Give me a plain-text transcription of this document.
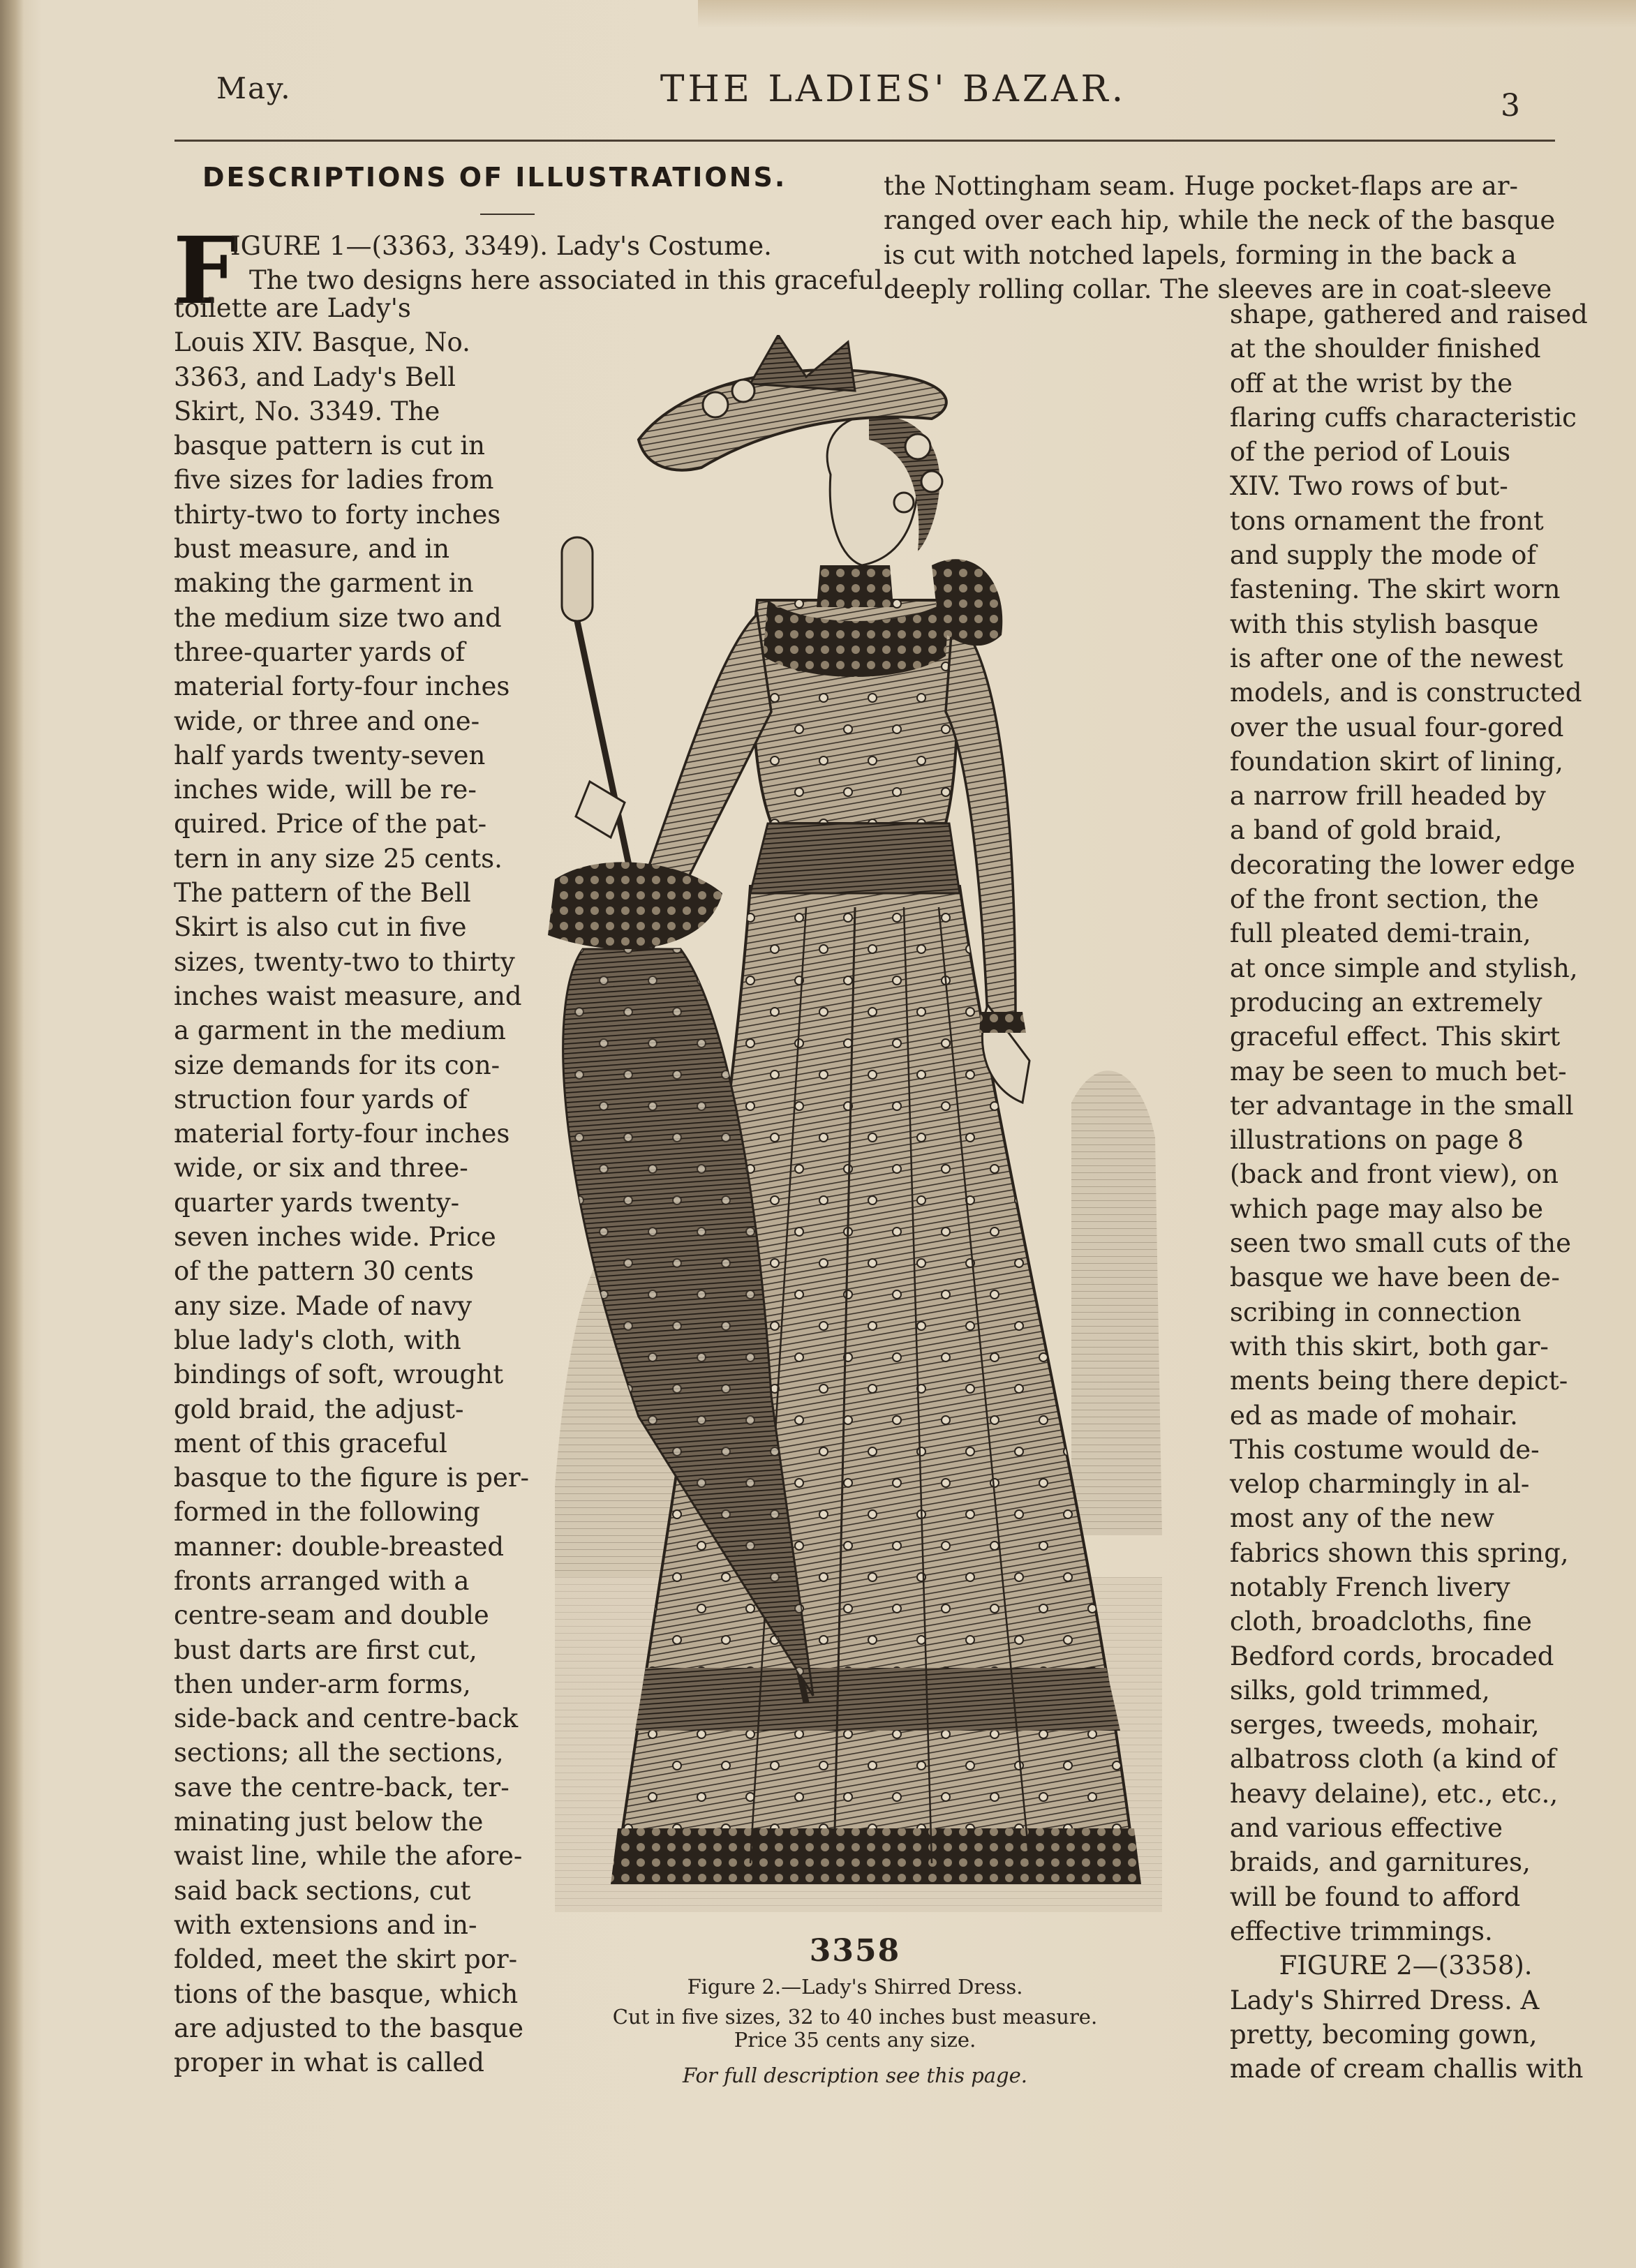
May.	THE LADIES' BAZAR.	3
DESCRIPTIONS OF ILLUSTRATIONS.
F
IGURE 1—(3363, 3349). Lady's Costume.
The two designs here associated in this graceful

toilette are Lady's

Louis XIV. Basque, No.

3363, and Lady's Bell

Skirt, No. 3349. The

basque pattern is cut in

five sizes for ladies from

thirty-two to forty inches

bust measure, and in

making the garment in

the medium size two and

three-quarter yards of

material forty-four inches

wide, or three and one-

half yards twenty-seven

inches wide, will be re-

quired. Price of the pat-

tern in any size 25 cents.

The pattern of the Bell

Skirt is also cut in five

sizes, twenty-two to thirty

inches waist measure, and

a garment in the medium

size demands for its con-

struction four yards of

material forty-four inches

wide, or six and three-

quarter yards twenty-

seven inches wide. Price

of the pattern 30 cents

any size. Made of navy

blue lady's cloth, with

bindings of soft, wrought

gold braid, the adjust-

ment of this graceful

basque to the figure is per-

formed in the following

manner: double-breasted

fronts arranged with a

centre-seam and double

bust darts are first cut,

then under-arm forms,

side-back and centre-back

sections; all the sections,

save the centre-back, ter-

minating just below the

waist line, while the afore-

said back sections, cut

with extensions and in-

folded, meet the skirt por-

tions of the basque, which

are adjusted to the basque

proper in what is called

the Nottingham seam. Huge pocket-flaps are ar-

ranged over each hip, while the neck of the basque

is cut with notched lapels, forming in the back a

deeply rolling collar. The sleeves are in coat-sleeve

shape, gathered and raised

at the shoulder finished

off at the wrist by the

flaring cuffs characteristic

of the period of Louis

XIV. Two rows of but-

tons ornament the front

and supply the mode of

fastening. The skirt worn

with this stylish basque

is after one of the newest

models, and is constructed

over the usual four-gored

foundation skirt of lining,

a narrow frill headed by

a band of gold braid,

decorating the lower edge

of the front section, the

full pleated demi-train,

at once simple and stylish,

producing an extremely

graceful effect. This skirt

may be seen to much bet-

ter advantage in the small

illustrations on page 8

(back and front view), on

which page may also be

seen two small cuts of the

basque we have been de-

scribing in connection

with this skirt, both gar-

ments being there depict-

ed as made of mohair.

This costume would de-

velop charmingly in al-

most any of the new

fabrics shown this spring,

notably French livery

cloth, broadcloths, fine

Bedford cords, brocaded

silks, gold trimmed,

serges, tweeds, mohair,

albatross cloth (a kind of

heavy delaine), etc., etc.,

and various effective

braids, and garnitures,

will be found to afford

effective trimmings.

FIGURE 2—(3358).

Lady's Shirred Dress. A

pretty, becoming gown,

made of cream challis with

3358
Figure 2.—Lady's Shirred Dress.
Cut in five sizes, 32 to 40 inches bust measure.
Price 35 cents any size.
For full description see this page.
